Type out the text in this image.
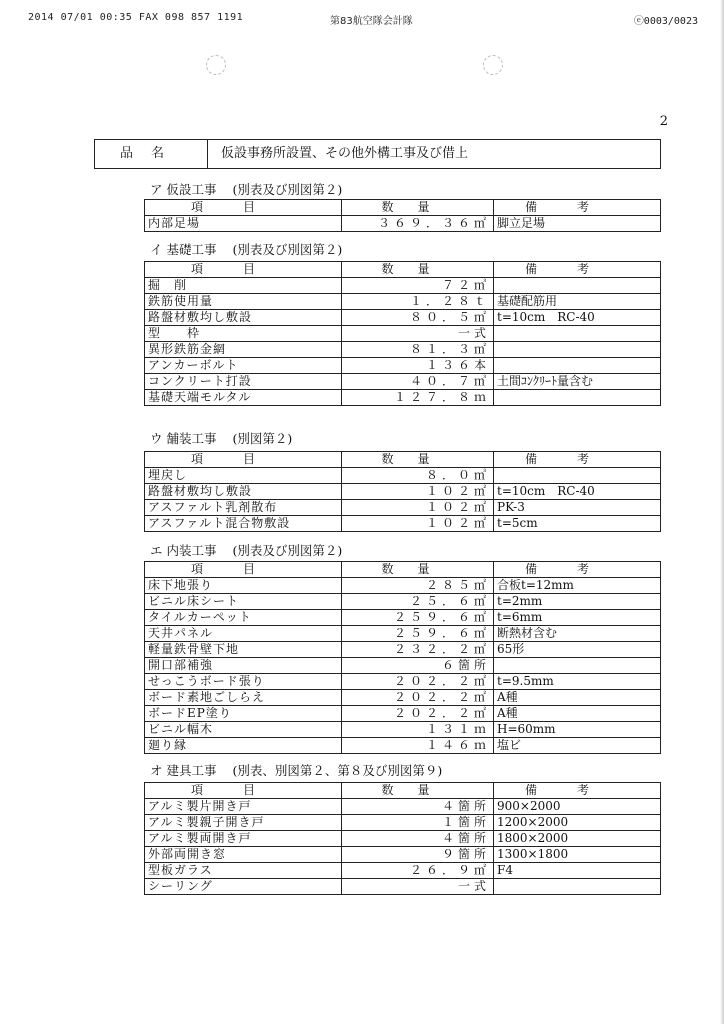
2014 07/01 00:35 FAX 098 857 1191	第83航空隊会計隊	ⓔ0003/0023
2
品名	仮設事務所設置、その他外構工事及び借上
ア 仮設工事 (別表及び別図第２)
項目	数量	備考
内部足場	３６９．３６㎡	脚立足場
イ 基礎工事 (別表及び別図第２)
項目	数量	備考
掘　削	７２㎥	
鉄筋使用量	１．２８ｔ	基礎配筋用
路盤材敷均し敷設	８０．５㎡	t=10cm　RC-40
型　　枠	一式	
異形鉄筋金網	８１．３㎡	
アンカーボルト	１３６本	
コンクリート打設	４０．７㎥	土間ｺﾝｸﾘｰﾄ量含む
基礎天端モルタル	１２７．８ｍ	
ウ 舗装工事 (別図第２)
項目	数量	備考
埋戻し	８．０㎥	
路盤材敷均し敷設	１０２㎡	t=10cm　RC-40
アスファルト乳剤散布	１０２㎡	PK-3
アスファルト混合物敷設	１０２㎡	t=5cm
エ 内装工事 (別表及び別図第２)
項目	数量	備考
床下地張り	２８５㎡	合板t=12mm
ビニル床シート	２５．６㎡	t=2mm
タイルカーペット	２５９．６㎡	t=6mm
天井パネル	２５９．６㎡	断熱材含む
軽量鉄骨壁下地	２３２．２㎡	65形
開口部補強	６箇所	
せっこうボード張り	２０２．２㎡	t=9.5mm
ボード素地ごしらえ	２０２．２㎡	A種
ボードEP塗り	２０２．２㎡	A種
ビニル幅木	１３１ｍ	H=60mm
廻り縁	１４６ｍ	塩ビ
オ 建具工事 (別表、別図第２、第８及び別図第９)
項目	数量	備考
アルミ製片開き戸	４箇所	900×2000
アルミ製親子開き戸	１箇所	1200×2000
アルミ製両開き戸	４箇所	1800×2000
外部両開き窓	９箇所	1300×1800
型板ガラス	２６．９㎡	F4
シーリング	一式	
